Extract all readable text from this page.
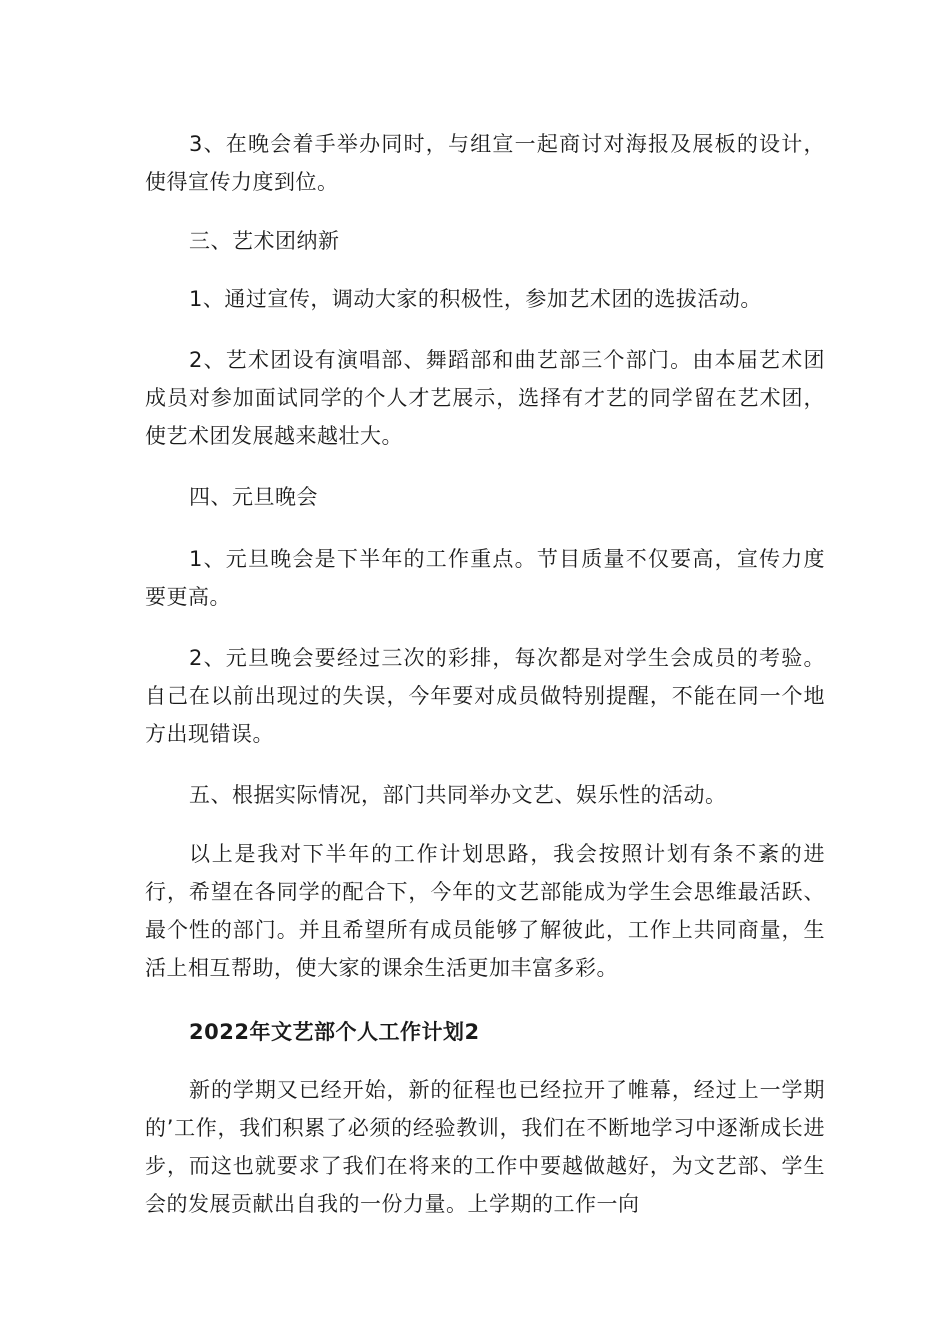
3、在晚会着手举办同时，与组宣一起商讨对海报及展板的设计，使得宣传力度到位。

三、艺术团纳新

1、通过宣传，调动大家的积极性，参加艺术团的选拔活动。

2、艺术团设有演唱部、舞蹈部和曲艺部三个部门。由本届艺术团成员对参加面试同学的个人才艺展示，选择有才艺的同学留在艺术团，使艺术团发展越来越壮大。

四、元旦晚会

1、元旦晚会是下半年的工作重点。节目质量不仅要高，宣传力度要更高。

2、元旦晚会要经过三次的彩排，每次都是对学生会成员的考验。自己在以前出现过的失误，今年要对成员做特别提醒，不能在同一个地方出现错误。

五、根据实际情况，部门共同举办文艺、娱乐性的活动。

以上是我对下半年的工作计划思路，我会按照计划有条不紊的进行，希望在各同学的配合下，今年的文艺部能成为学生会思维最活跃、最个性的部门。并且希望所有成员能够了解彼此，工作上共同商量，生活上相互帮助，使大家的课余生活更加丰富多彩。

2022年文艺部个人工作计划2

新的学期又已经开始，新的征程也已经拉开了帷幕，经过上一学期的’工作，我们积累了必须的经验教训，我们在不断地学习中逐渐成长进步，而这也就要求了我们在将来的工作中要越做越好，为文艺部、学生会的发展贡献出自我的一份力量。上学期的工作一向
